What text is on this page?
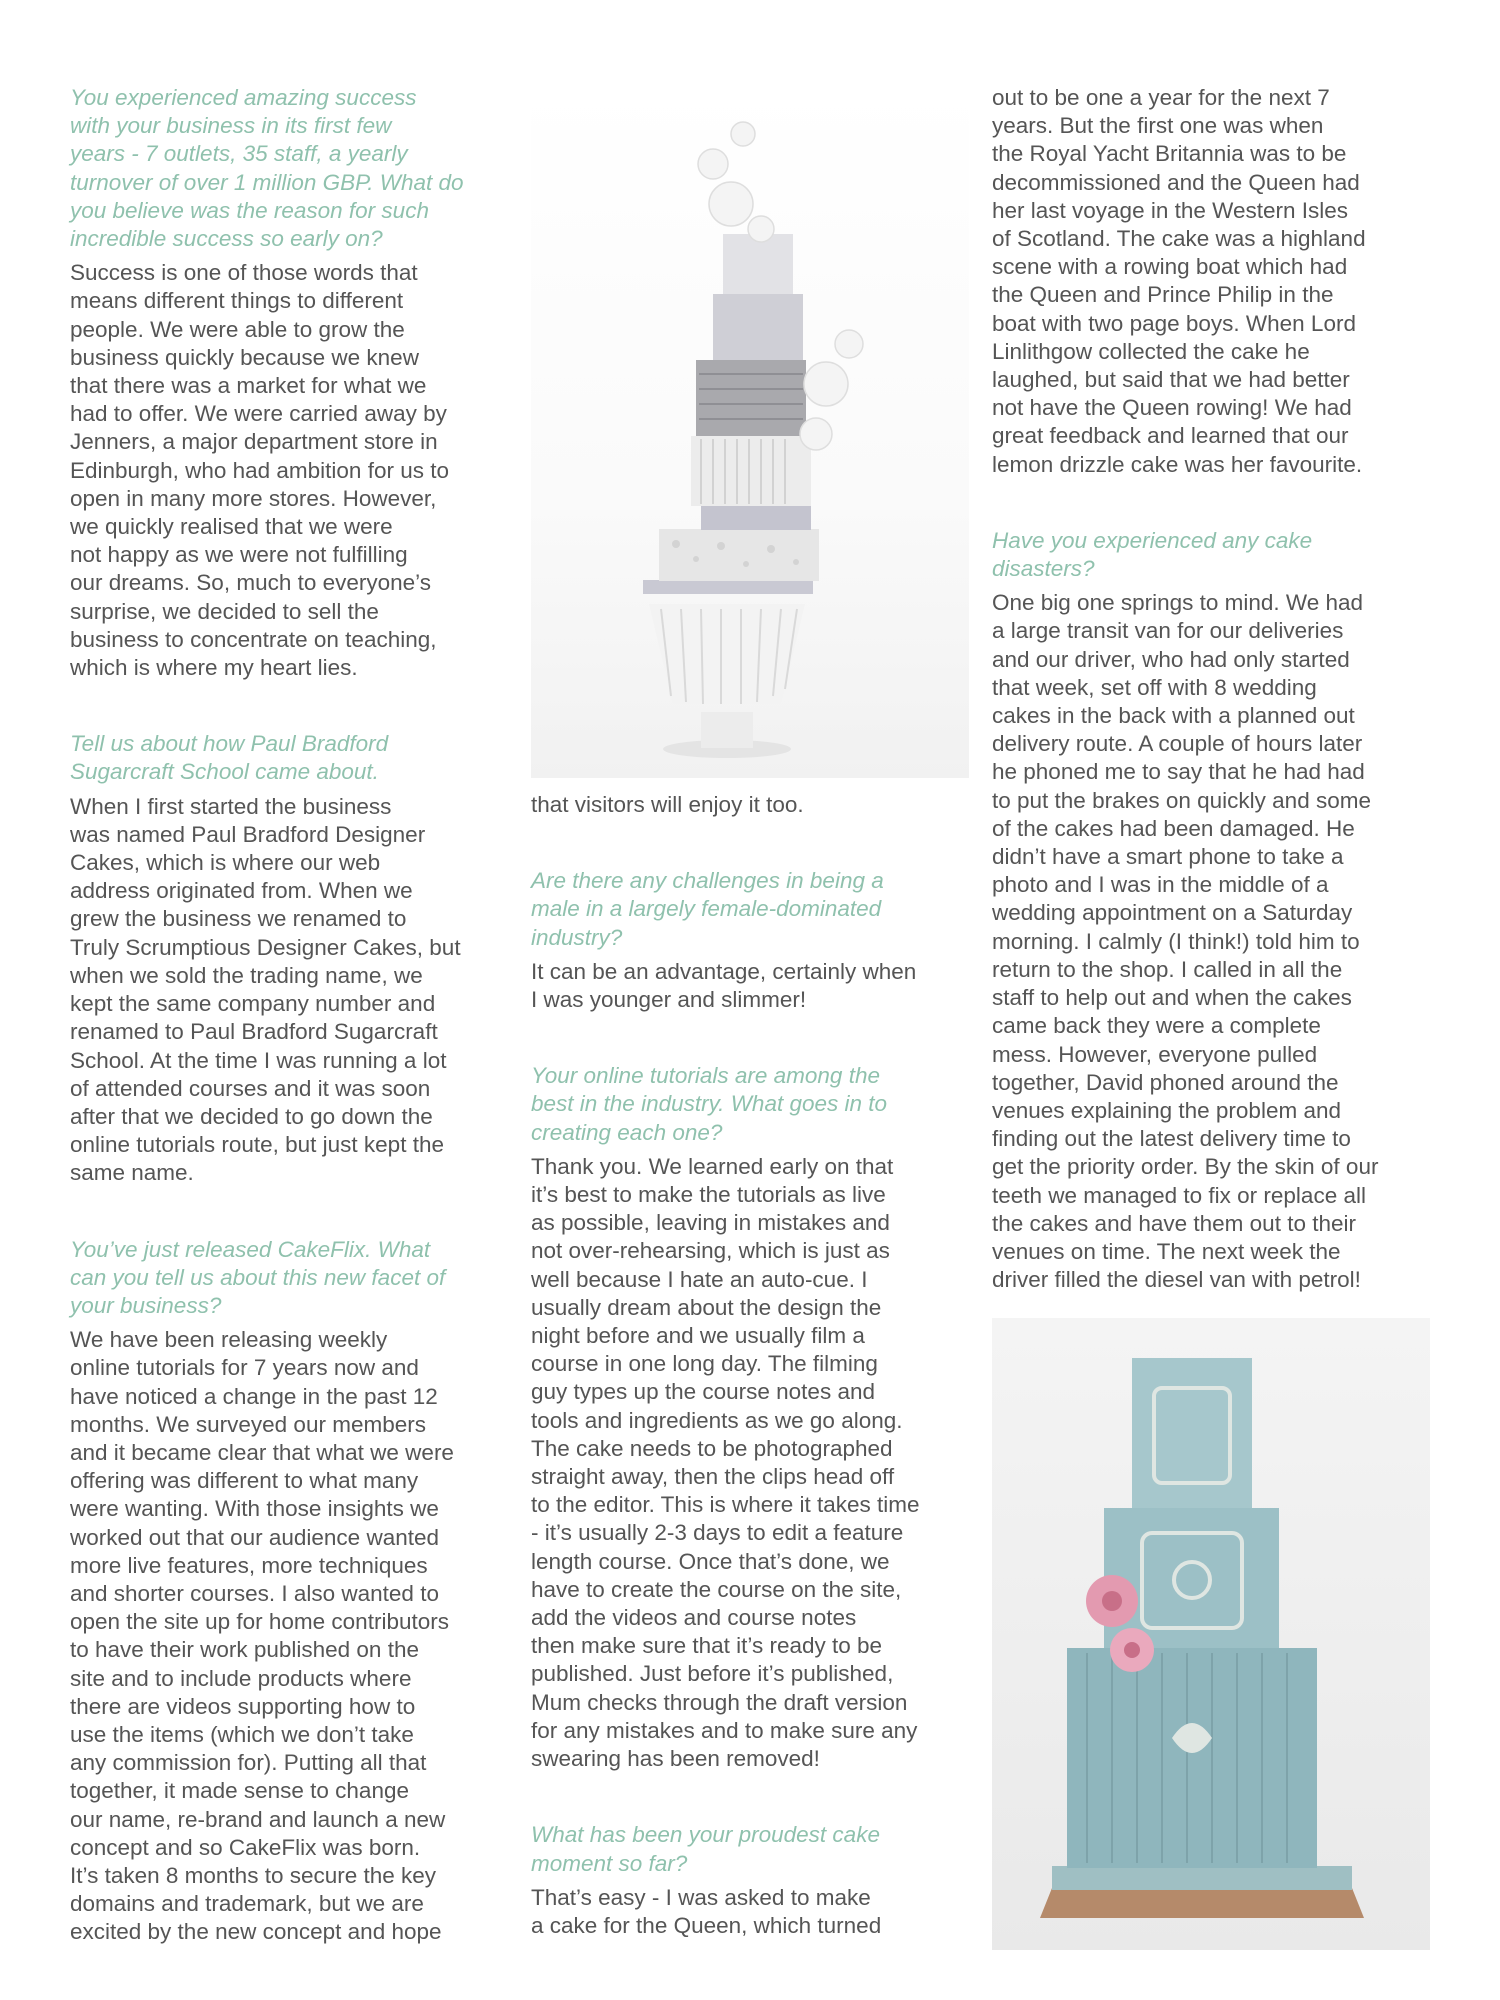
You experienced amazing success
with your business in its first few
years - 7 outlets, 35 staff, a yearly
turnover of over 1 million GBP. What do
you believe was the reason for such
incredible success so early on?

Success is one of those words that
means different things to different
people. We were able to grow the
business quickly because we knew
that there was a market for what we
had to offer. We were carried away by
Jenners, a major department store in
Edinburgh, who had ambition for us to
open in many more stores. However,
we quickly realised that we were
not happy as we were not fulfilling
our dreams. So, much to everyone’s
surprise, we decided to sell the
business to concentrate on teaching,
which is where my heart lies.

Tell us about how Paul Bradford
Sugarcraft School came about.

When I first started the business
was named Paul Bradford Designer
Cakes, which is where our web
address originated from. When we
grew the business we renamed to
Truly Scrumptious Designer Cakes, but
when we sold the trading name, we
kept the same company number and
renamed to Paul Bradford Sugarcraft
School. At the time I was running a lot
of attended courses and it was soon
after that we decided to go down the
online tutorials route, but just kept the
same name.

You’ve just released CakeFlix. What
can you tell us about this new facet of
your business?

We have been releasing weekly
online tutorials for 7 years now and
have noticed a change in the past 12
months. We surveyed our members
and it became clear that what we were
offering was different to what many
were wanting. With those insights we
worked out that our audience wanted
more live features, more techniques
and shorter courses. I also wanted to
open the site up for home contributors
to have their work published on the
site and to include products where
there are videos supporting how to
use the items (which we don’t take
any commission for). Putting all that
together, it made sense to change
our name, re-brand and launch a new
concept and so CakeFlix was born.
It’s taken 8 months to secure the key
domains and trademark, but we are
excited by the new concept and hope

that visitors will enjoy it too.

Are there any challenges in being a
male in a largely female-dominated
industry?

It can be an advantage, certainly when
I was younger and slimmer!

Your online tutorials are among the
best in the industry. What goes in to
creating each one?

Thank you. We learned early on that
it’s best to make the tutorials as live
as possible, leaving in mistakes and
not over-rehearsing, which is just as
well because I hate an auto-cue. I
usually dream about the design the
night before and we usually film a
course in one long day. The filming
guy types up the course notes and
tools and ingredients as we go along.
The cake needs to be photographed
straight away, then the clips head off
to the editor. This is where it takes time
- it’s usually 2-3 days to edit a feature
length course. Once that’s done, we
have to create the course on the site,
add the videos and course notes
then make sure that it’s ready to be
published. Just before it’s published,
Mum checks through the draft version
for any mistakes and to make sure any
swearing has been removed!

What has been your proudest cake
moment so far?

That’s easy - I was asked to make
a cake for the Queen, which turned

out to be one a year for the next 7
years. But the first one was when
the Royal Yacht Britannia was to be
decommissioned and the Queen had
her last voyage in the Western Isles
of Scotland. The cake was a highland
scene with a rowing boat which had
the Queen and Prince Philip in the
boat with two page boys. When Lord
Linlithgow collected the cake he
laughed, but said that we had better
not have the Queen rowing! We had
great feedback and learned that our
lemon drizzle cake was her favourite.

Have you experienced any cake
disasters?

One big one springs to mind. We had
a large transit van for our deliveries
and our driver, who had only started
that week, set off with 8 wedding
cakes in the back with a planned out
delivery route. A couple of hours later
he phoned me to say that he had had
to put the brakes on quickly and some
of the cakes had been damaged. He
didn’t have a smart phone to take a
photo and I was in the middle of a
wedding appointment on a Saturday
morning. I calmly (I think!) told him to
return to the shop. I called in all the
staff to help out and when the cakes
came back they were a complete
mess. However, everyone pulled
together, David phoned around the
venues explaining the problem and
finding out the latest delivery time to
get the priority order. By the skin of our
teeth we managed to fix or replace all
the cakes and have them out to their
venues on time. The next week the
driver filled the diesel van with petrol!
